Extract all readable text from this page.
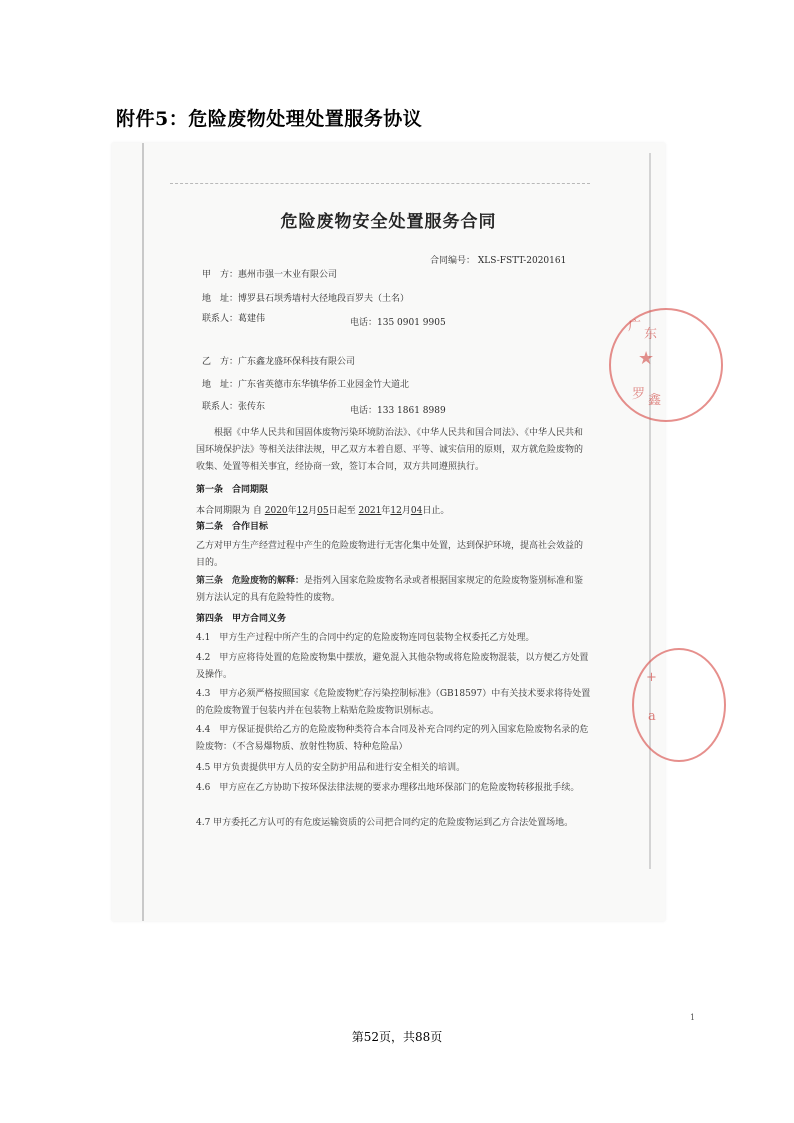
附件5：危险废物处理处置服务协议
危险废物安全处置服务合同
合同编号： XLS-FSTT-2020161
甲　方：惠州市强一木业有限公司
地　址：博罗县石坝秀墙村大径地段百罗夫（土名）
联系人：葛建伟	电话：135 0901 9905
乙　方：广东鑫龙盛环保科技有限公司
地　址：广东省英德市东华镇华侨工业园金竹大道北
联系人：张传东	电话：133 1861 8989
根据《中华人民共和国固体废物污染环境防治法》、《中华人民共和国合同法》、《中华人民共和国环境保护法》等相关法律法规，甲乙双方本着自愿、平等、诚实信用的原则，双方就危险废物的收集、处置等相关事宜，经协商一致，签订本合同，双方共同遵照执行。
第一条　合同期限
本合同期限为 自 2020年12月05日起至 2021年12月04日止。
第二条　合作目标
乙方对甲方生产经营过程中产生的危险废物进行无害化集中处置，达到保护环境，提高社会效益的目的。
第三条　危险废物的解释：是指列入国家危险废物名录或者根据国家规定的危险废物鉴别标准和鉴别方法认定的具有危险特性的废物。
第四条　甲方合同义务
4.1　甲方生产过程中所产生的合同中约定的危险废物连同包装物全权委托乙方处理。
4.2　甲方应将待处置的危险废物集中摆放，避免混入其他杂物或将危险废物混装，以方便乙方处置及操作。
4.3　甲方必须严格按照国家《危险废物贮存污染控制标准》（GB18597）中有关技术要求将待处置的危险废物置于包装内并在包装物上粘贴危险废物识别标志。
4.4　甲方保证提供给乙方的危险废物种类符合本合同及补充合同约定的列入国家危险废物名录的危险废物：（不含易爆物质、放射性物质、特种危险品）
4.5 甲方负责提供甲方人员的安全防护用品和进行安全相关的培训。
4.6　甲方应在乙方协助下按环保法律法规的要求办理移出地环保部门的危险废物转移报批手续。
4.7 甲方委托乙方认可的有危废运输资质的公司把合同约定的危险废物运到乙方合法处置场地。
1
★
广
东
罗 鑫
+
a
第52页，共88页
